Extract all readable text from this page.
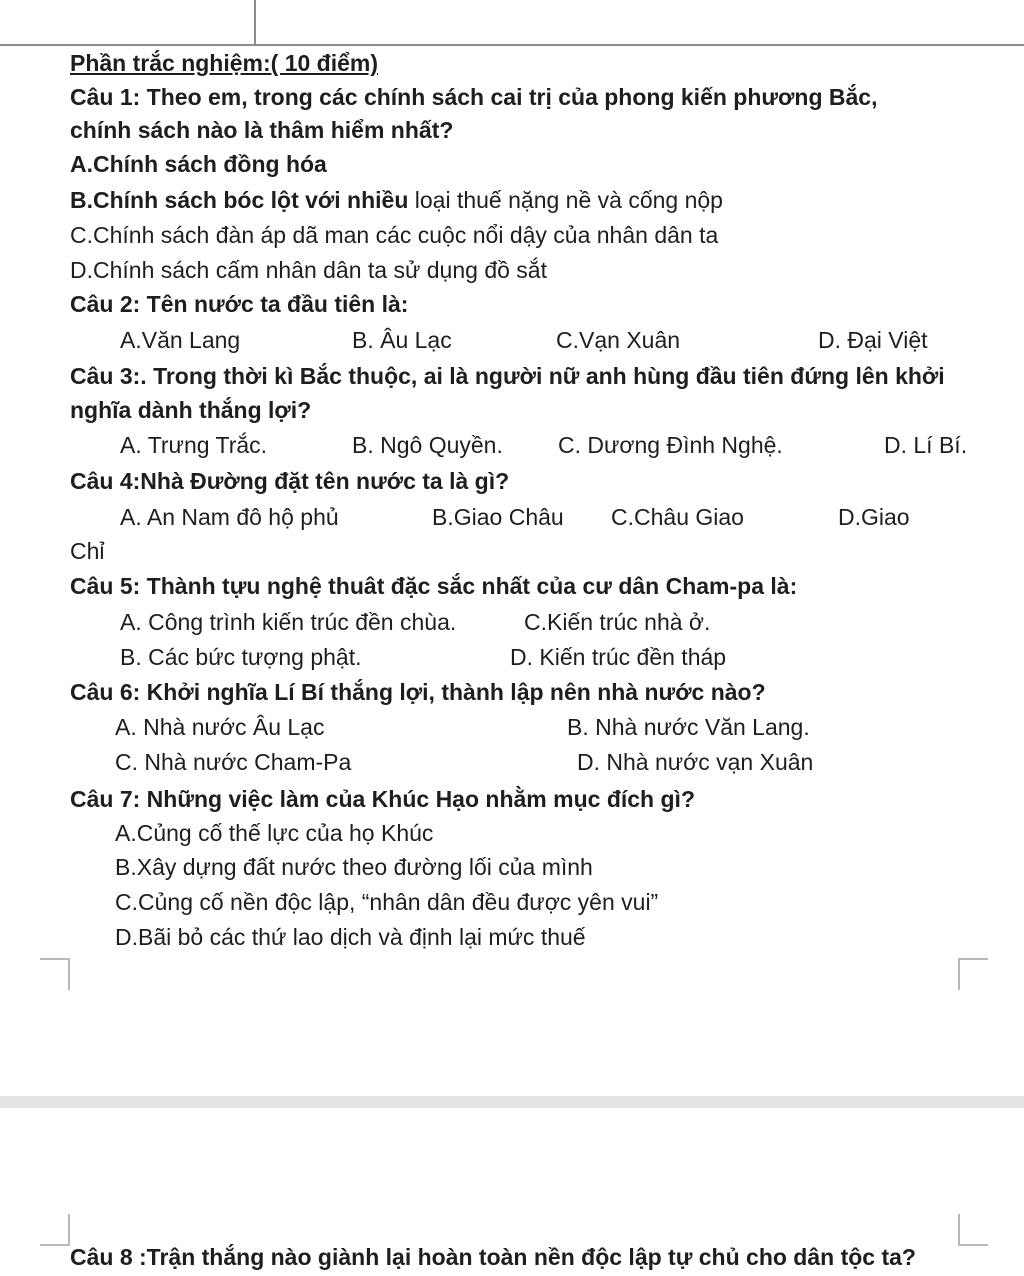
Phần trắc nghiệm:( 10 điểm)
Câu 1: Theo em, trong các chính sách cai trị của phong kiến phương Bắc,
chính sách nào là thâm hiểm nhất?
A.Chính sách đồng hóa
B.Chính sách bóc lột với nhiều loại thuế nặng nề và cống nộp
C.Chính sách đàn áp dã man các cuộc nổi dậy của nhân dân ta
D.Chính sách cấm nhân dân ta sử dụng đồ sắt
Câu 2: Tên nước ta đầu tiên là:
A.Văn Lang	B. Âu Lạc	C.Vạn Xuân	D. Đại Việt
Câu 3:. Trong thời kì Bắc thuộc, ai là người nữ anh hùng đầu tiên đứng lên khởi
nghĩa dành thắng lợi?
A. Trưng Trắc.	B. Ngô Quyền. C. Dương Đình Nghệ.	D. Lí Bí.
Câu 4:Nhà Đường đặt tên nước ta là gì?
A. An Nam đô hộ phủ	B.Giao Châu C.Châu Giao	D.Giao
Chỉ
Câu 5: Thành tựu nghệ thuât đặc sắc nhất của cư dân Cham-pa là:
A. Công trình kiến trúc đền chùa.	C.Kiến trúc nhà ở.
B. Các bức tượng phật.	D. Kiến trúc đền tháp
Câu 6: Khởi nghĩa Lí Bí thắng lợi, thành lập nên nhà nước nào?
A. Nhà nước Âu Lạc	B. Nhà nước Văn Lang.
C. Nhà nước Cham-Pa	D. Nhà nước vạn Xuân
Câu 7: Những việc làm của Khúc Hạo nhằm mục đích gì?
A.Củng cố thế lực của họ Khúc
B.Xây dựng đất nước theo đường lối của mình
C.Củng cố nền độc lập, “nhân dân đều được yên vui”
D.Bãi bỏ các thứ lao dịch và định lại mức thuế
Câu 8 :Trận thắng nào giành lại hoàn toàn nền độc lập tự chủ cho dân tộc ta?
